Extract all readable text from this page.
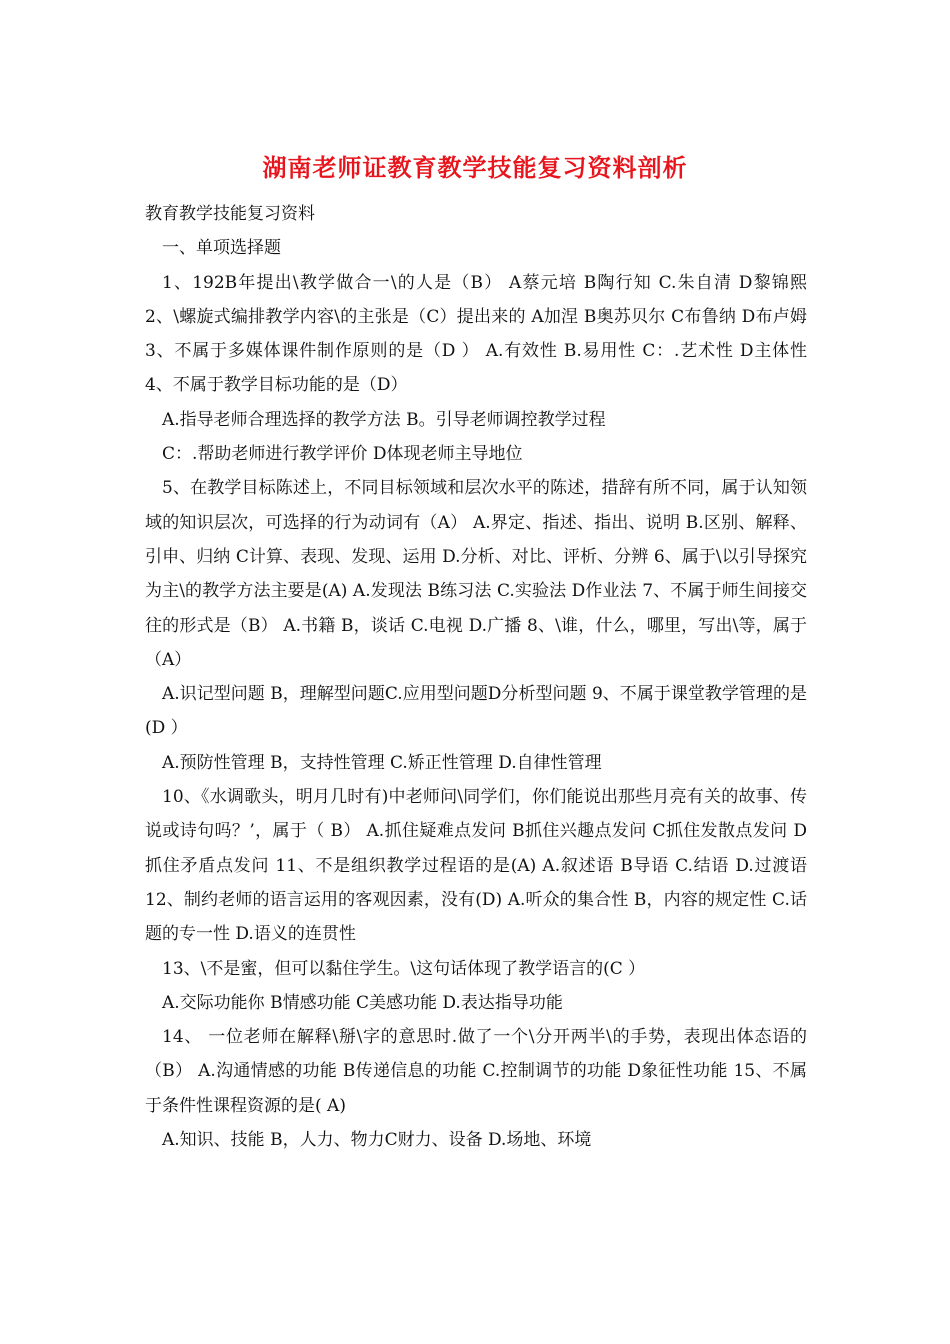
湖南老师证教育教学技能复习资料剖析

教育教学技能复习资料

一、单项选择题

1、192B年提出\教学做合一\的人是（B） A蔡元培 B陶行知 C.朱自清 D黎锦熙 2、\螺旋式编排教学内容\的主张是（C）提出来的 A加涅 B奥苏贝尔 C布鲁纳 D布卢姆 3、不属于多媒体课件制作原则的是（D ） A.有效性 B.易用性 C：.艺术性 D主体性 4、不属于教学目标功能的是（D）

A.指导老师合理选择的教学方法 B。引导老师调控教学过程

C：.帮助老师进行教学评价 D体现老师主导地位

5、在教学目标陈述上，不同目标领域和层次水平的陈述，措辞有所不同，属于认知领域的知识层次，可选择的行为动词有（A） A.界定、指述、指出、说明 B.区别、解释、引申、归纳 C计算、表现、发现、运用 D.分析、对比、评析、分辨 6、属于\以引导探究为主\的教学方法主要是(A) A.发现法 B练习法 C.实验法 D作业法 7、不属于师生间接交往的形式是（B） A.书籍 B，谈话 C.电视 D.广播 8、\谁，什么，哪里，写出\等，属于（A）

A.识记型问题 B，理解型问题C.应用型问题D分析型问题 9、不属于课堂教学管理的是(D ）

A.预防性管理 B，支持性管理 C.矫正性管理 D.自律性管理

10、《水调歌头，明月几时有)中老师问\同学们，你们能说出那些月亮有关的故事、传说或诗句吗？’，属于（ B） A.抓住疑难点发问 B抓住兴趣点发问 C抓住发散点发问 D抓住矛盾点发问 11、不是组织教学过程语的是(A) A.叙述语 B导语 C.结语 D.过渡语 12、制约老师的语言运用的客观因素，没有(D) A.听众的集合性 B，内容的规定性 C.话题的专一性 D.语义的连贯性

13、\不是蜜，但可以黏住学生。\这句话体现了教学语言的(C ）

A.交际功能你 B情感功能 C美感功能 D.表达指导功能

14、 一位老师在解释\掰\字的意思时.做了一个\分开两半\的手势，表现出体态语的（B） A.沟通情感的功能 B传递信息的功能 C.控制调节的功能 D象征性功能 15、不属于条件性课程资源的是( A)

A.知识、技能 B，人力、物力C财力、设备 D.场地、环境
